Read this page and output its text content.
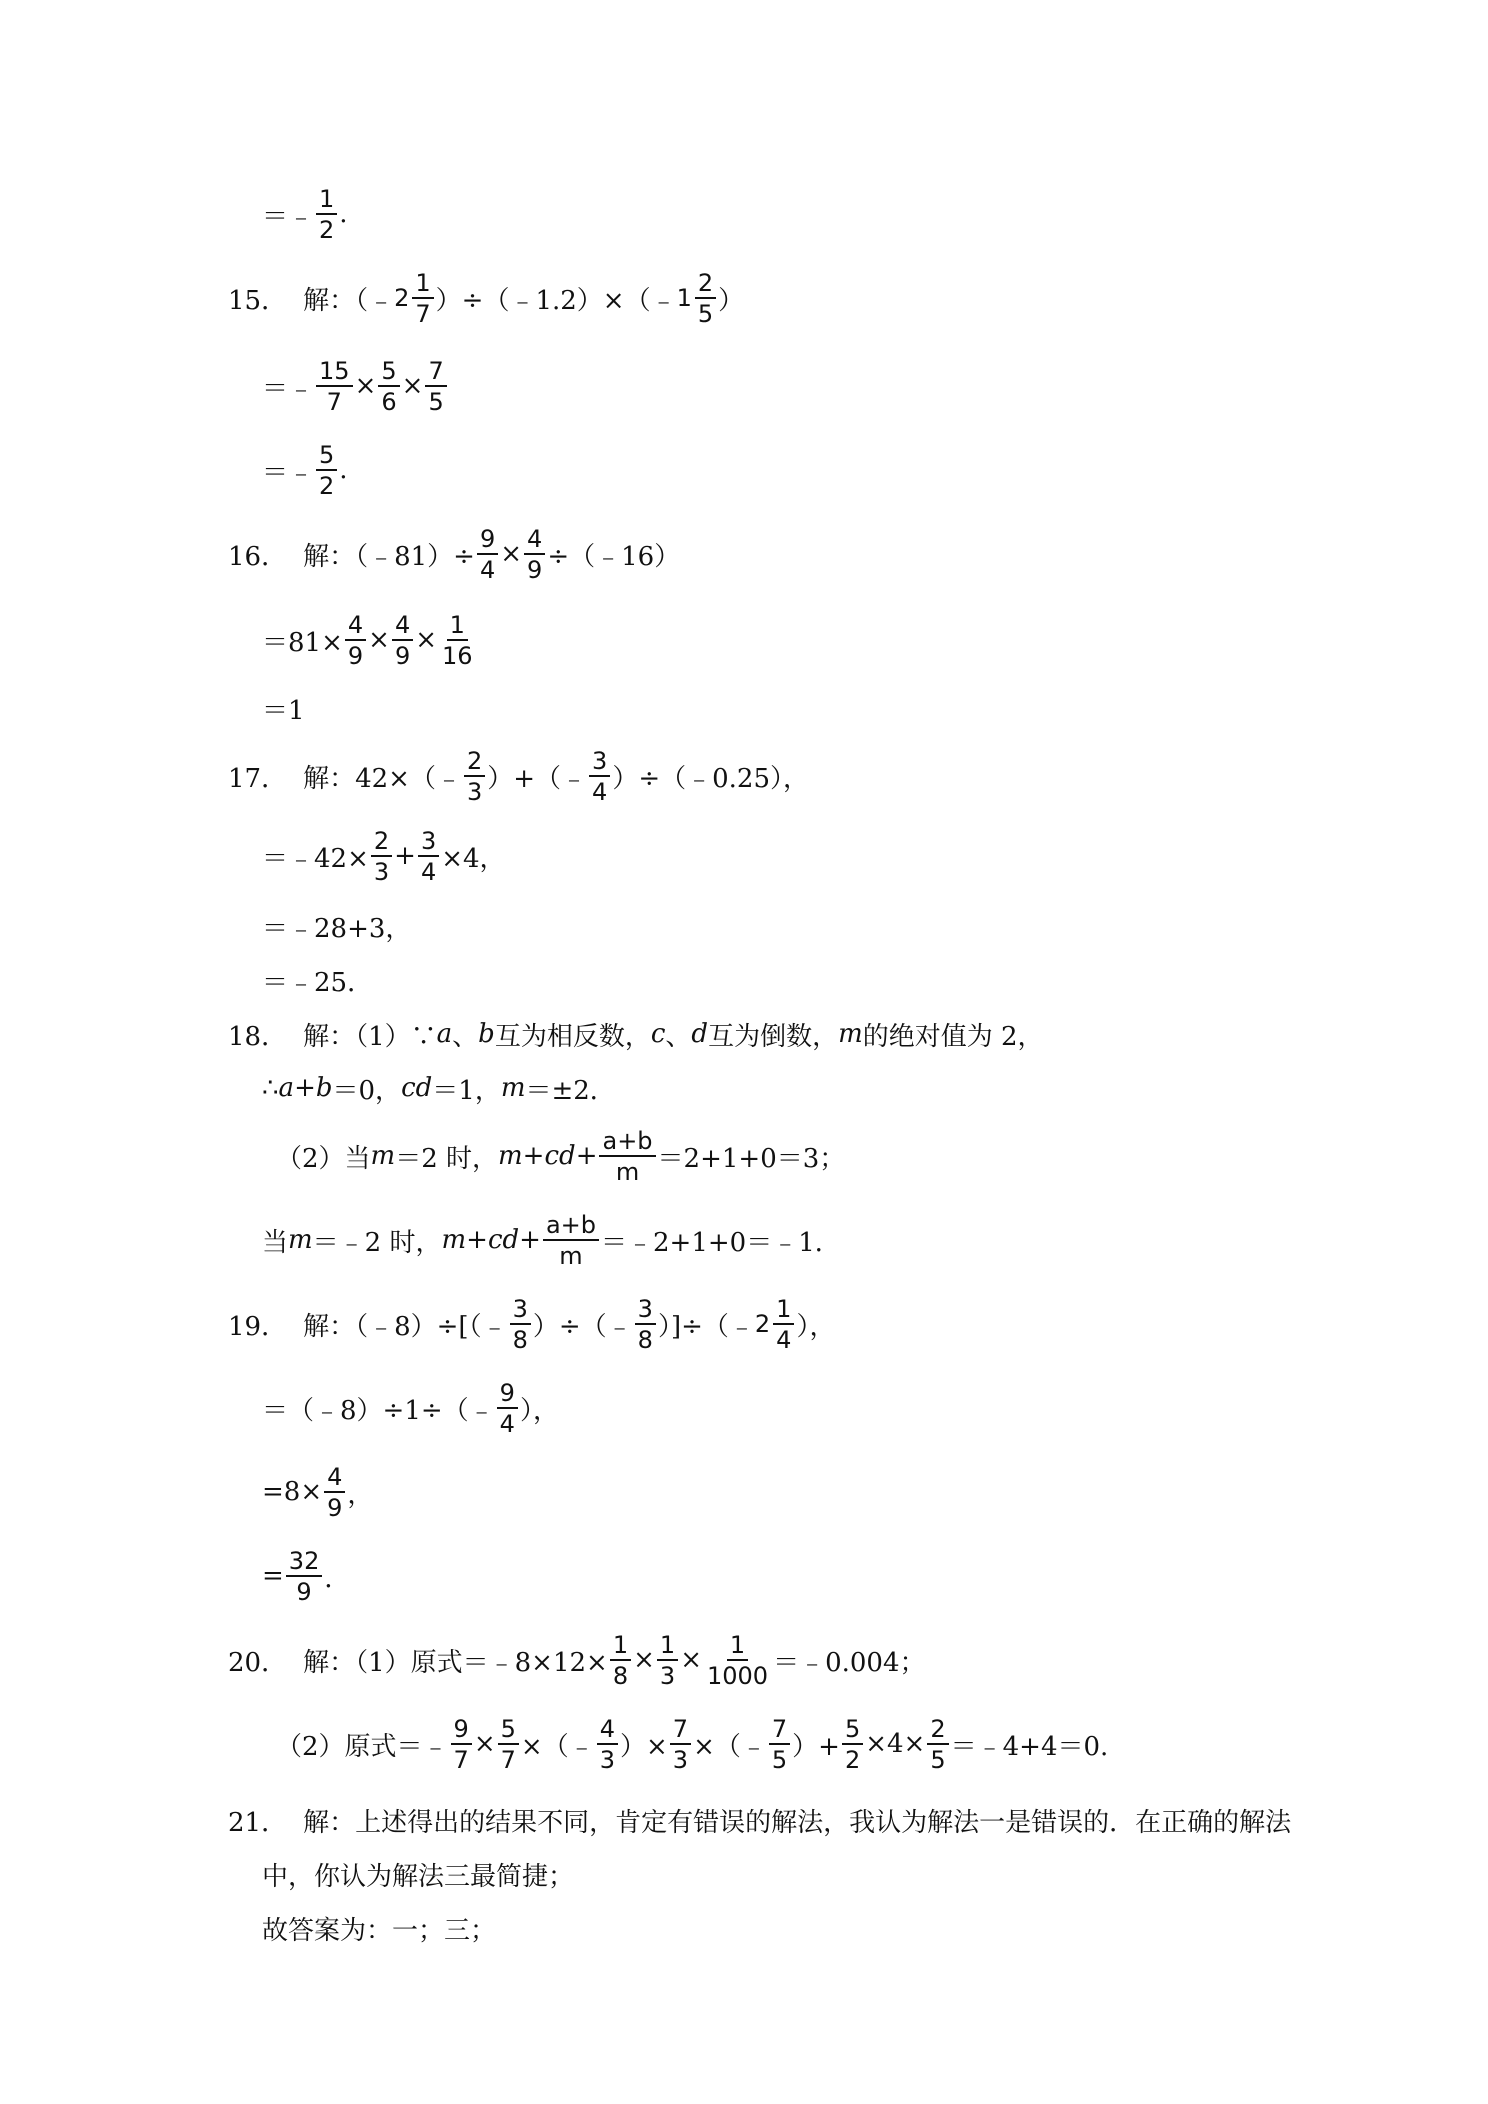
＝﹣ $\frac{1}{2}$ .
15． 解：（﹣ $2 \frac{1}{7}$ ）÷（﹣1.2）×（﹣ $1 \frac{2}{5}$ ）
＝﹣ $\frac{15}{7} \times \frac{5}{6} \times \frac{7}{5}$
＝﹣ $\frac{5}{2}$ .
16． 解：（﹣81）÷ $\frac{9}{4} \times \frac{4}{9}$ ÷（﹣16）
$=81\times \frac{4}{9} \times \frac{4}{9} \times \frac{1}{16}$
＝1
17． 解：42×（﹣ $\frac{2}{3}$ ）+（﹣ $\frac{3}{4}$ ）÷（﹣0.25），
＝﹣42× $\frac{2}{3} + \frac{3}{4} \times 4$，
＝﹣28+3，
＝﹣25．
18． 解：（1）∵ a 、 b 互为相反数， c 、 d 互为倒数， m 的绝对值为 2，
∴ a + b ＝0， cd ＝1， m ＝±2．
（2）当 m ＝2 时， m + cd + $\frac{a+b}{m} =2+1+0=3$；
当 m ＝﹣2 时， m + cd + $\frac{a+b}{m}$ ＝﹣2+1+0＝﹣1．
19． 解：（﹣8）÷[（﹣ $\frac{3}{8}$ ）÷（﹣ $\frac{3}{8}$ ）]÷（﹣ $2 \frac{1}{4}$ ），
＝（﹣8）÷1÷（﹣ $\frac{9}{4}$ ），
$=8\times \frac{4}{9}$ ，
= $\frac{32}{9}$ ．
20． 解：（1）原式＝﹣8×12× $\frac{1}{8} \times \frac{1}{3} \times \frac{1}{1000}$ ＝﹣0.004；
（2）原式＝﹣ $\frac{9}{7} \times \frac{5}{7}$ ×（﹣ $\frac{4}{3}$ ）× $\frac{7}{3}$ ×（﹣ $\frac{7}{5}$ ）+ $\frac{5}{2} \times 4\times \frac{2}{5}$ ＝﹣4+4＝0.
21． 解：上述得出的结果不同，肯定有错误的解法，我认为解法一是错误的．在正确的解法
中，你认为解法三最简捷；
故答案为：一；三；
